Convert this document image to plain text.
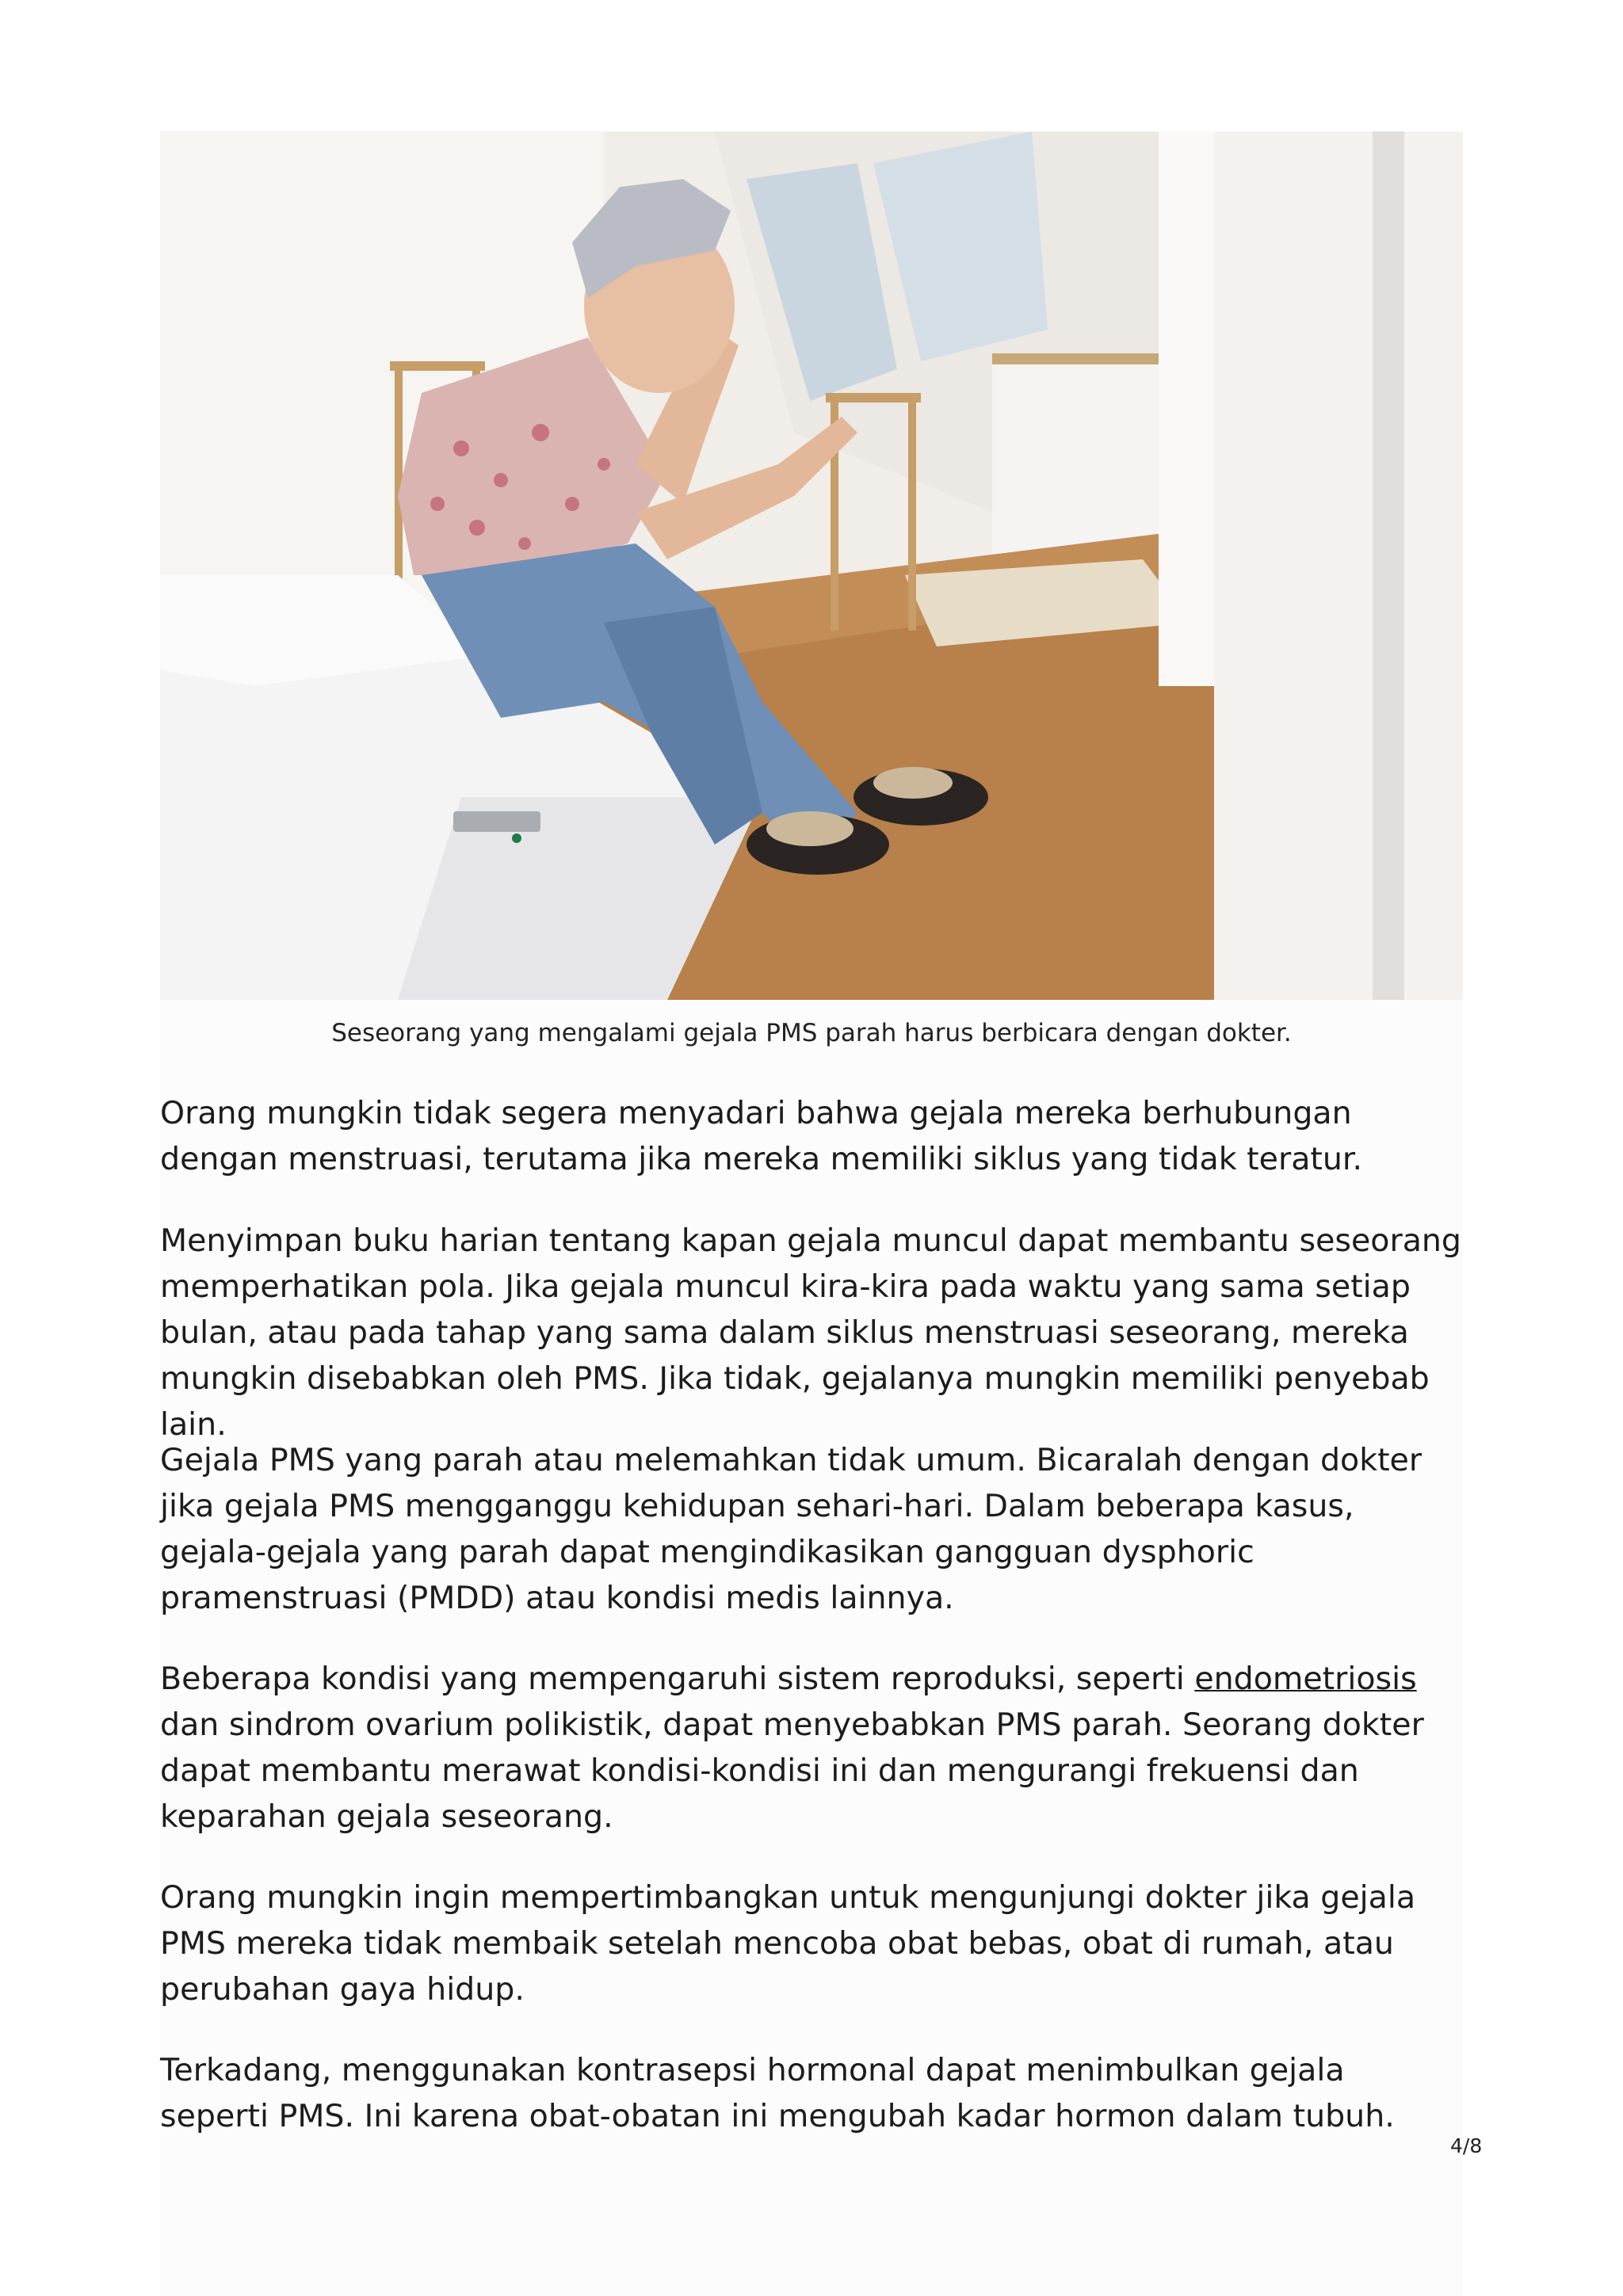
Seseorang yang mengalami gejala PMS parah harus berbicara dengan dokter.

Orang mungkin tidak segera menyadari bahwa gejala mereka berhubungan dengan menstruasi, terutama jika mereka memiliki siklus yang tidak teratur.

Menyimpan buku harian tentang kapan gejala muncul dapat membantu seseorang memperhatikan pola. Jika gejala muncul kira-kira pada waktu yang sama setiap bulan, atau pada tahap yang sama dalam siklus menstruasi seseorang, mereka mungkin disebabkan oleh PMS. Jika tidak, gejalanya mungkin memiliki penyebab lain.

Gejala PMS yang parah atau melemahkan tidak umum. Bicaralah dengan dokter jika gejala PMS mengganggu kehidupan sehari-hari. Dalam beberapa kasus, gejala-gejala yang parah dapat mengindikasikan gangguan dysphoric pramenstruasi (PMDD) atau kondisi medis lainnya.

Beberapa kondisi yang mempengaruhi sistem reproduksi, seperti endometriosis dan sindrom ovarium polikistik, dapat menyebabkan PMS parah. Seorang dokter dapat membantu merawat kondisi-kondisi ini dan mengurangi frekuensi dan keparahan gejala seseorang.

Orang mungkin ingin mempertimbangkan untuk mengunjungi dokter jika gejala PMS mereka tidak membaik setelah mencoba obat bebas, obat di rumah, atau perubahan gaya hidup.

Terkadang, menggunakan kontrasepsi hormonal dapat menimbulkan gejala seperti PMS. Ini karena obat-obatan ini mengubah kadar hormon dalam tubuh.

4/8
